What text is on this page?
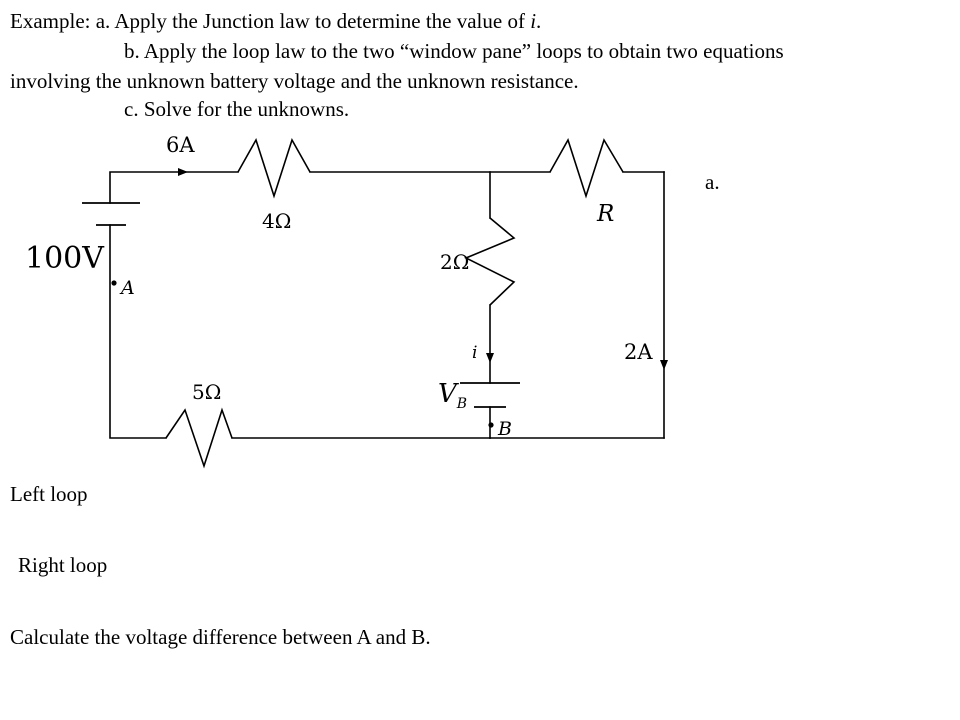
Example: a. Apply the Junction law to determine the value of i.
b. Apply the loop law to the two “window pane” loops to obtain two equations
involving the unknown battery voltage and the unknown resistance.
c. Solve for the unknowns.
6A
4Ω	R
100V
A
2Ω
i	2A
$V_B$
B
5Ω
a.
Left loop
Right loop
Calculate the voltage difference between A and B.
